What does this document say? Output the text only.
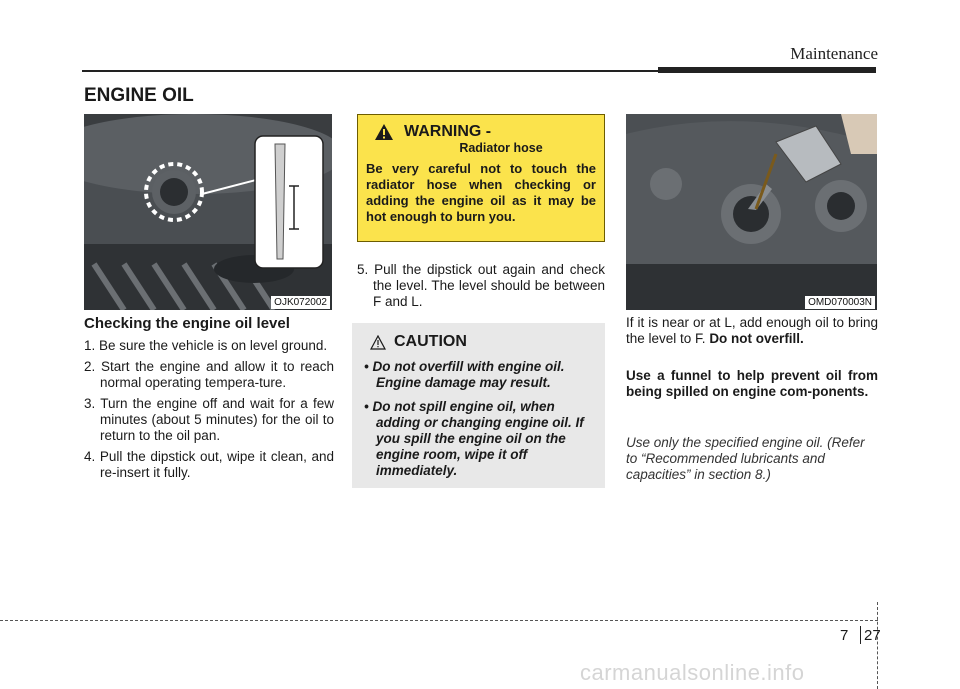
Maintenance
ENGINE OIL
OJK072002
Checking the engine oil level
1. Be sure the vehicle is on level ground.
2. Start the engine and allow it to reach normal operating tempera-ture.
3. Turn the engine off and wait for a few minutes (about 5 minutes) for the oil to return to the oil pan.
4. Pull the dipstick out, wipe it clean, and re-insert it fully.
WARNING -
Radiator hose
Be very careful not to touch the radiator hose when checking or adding the engine oil as it may be hot enough to burn you.
5. Pull the dipstick out again and check the level. The level should be between F and L.
CAUTION
• Do not overfill with engine oil. Engine damage may result.
• Do not spill engine oil, when adding or changing engine oil. If you spill the engine oil on the engine room, wipe it off immediately.
OMD070003N
If it is near or at L, add enough oil to bring the level to F. Do not overfill.
Use a funnel to help prevent oil from being spilled on engine com-ponents.
Use only the specified engine oil. (Refer to “Recommended lubricants and capacities” in section 8.)
7 27
carmanualsonline.info
